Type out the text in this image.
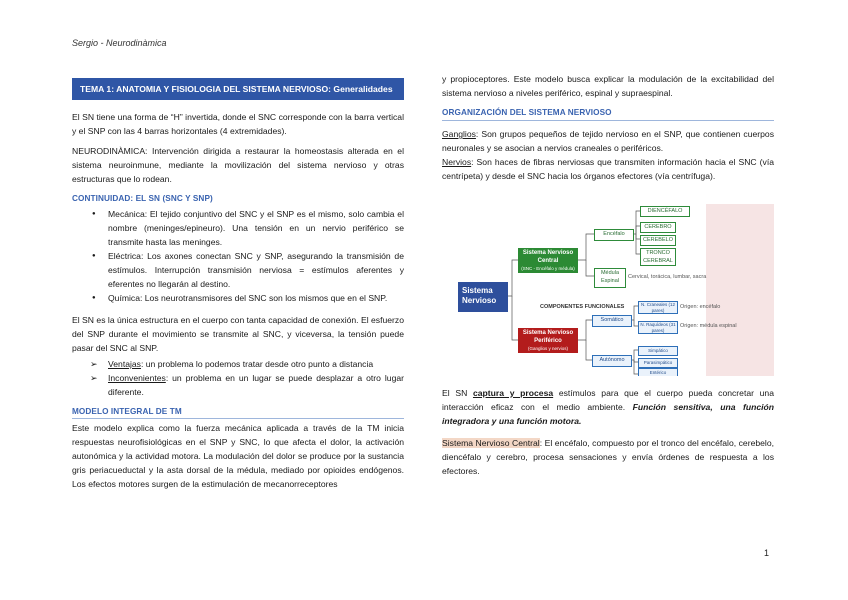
Sergio - Neurodinàmica
TEMA 1: ANATOMIA Y FISIOLOGIA DEL SISTEMA NERVIOSO: Generalidades

El SN tiene una forma de “H” invertida, donde el SNC corresponde con la barra vertical y el SNP con las 4 barras horizontales (4 extremidades).

NEURODINÀMICA: Intervención dirigida a restaurar la homeostasis alterada en el sistema neuroinmune, mediante la movilización del sistema nervioso y otras estructuras que lo rodean.

CONTINUIDAD: EL SN (SNC Y SNP)
● Mecánica: El tejido conjuntivo del SNC y el SNP es el mismo, solo cambia el nombre (meninges/epineuro). Una tensión en un nervio periférico se transmite hasta las meninges.
● Eléctrica: Los axones conectan SNC y SNP, asegurando la transmisión de estímulos. Interrupción transmisión nerviosa = estímulos aferentes y eferentes no llegarán al destino.
● Química: Los neurotransmisores del SNC son los mismos que en el SNP.

El SN es la única estructura en el cuerpo con tanta capacidad de conexión. El esfuerzo del SNP durante el movimiento se transmite al SNC, y viceversa, la tensión puede pasar del SNC al SNP.

➢ Ventajas: un problema lo podemos tratar desde otro punto a distancia
➢ Inconvenientes: un problema en un lugar se puede desplazar a otro lugar diferente.
MODELO INTEGRAL DE TM

Este modelo explica como la fuerza mecánica aplicada a través de la TM inicia respuestas neurofisiológicas en el SNP y SNC, lo que afecta el dolor, la activación autonómica y la actividad motora. La modulación del dolor se produce por la sustancia gris periacueductal y la asta dorsal de la médula, mediado por opioides endógenos. Los efectos motores surgen de la estimulación de mecanorreceptores

y propioceptores. Este modelo busca explicar la modulación de la excitabilidad del sistema nervioso a niveles periférico, espinal y supraespinal.

ORGANIZACIÓN DEL SISTEMA NERVIOSO

Ganglios: Son grupos pequeños de tejido nervioso en el SNP, que contienen cuerpos neuronales y se asocian a nervios craneales o periféricos.

Nervios: Son haces de fibras nerviosas que transmiten información hacia el SNC (vía centrípeta) y desde el SNC hacia los órganos efectores (vía centrífuga).

Sistema Nervioso
Sistema Nervioso Central
(SNC - Encéfalo y médula)
Sistema Nervioso Periférico
(Ganglios y nervios)
Encéfalo
Médula Espinal
DIENCÉFALO
CEREBRO
CEREBELO
TRONCO CEREBRAL
Cervical, torácica, lumbar, sacra
COMPONENTES FUNCIONALES
Somático
Autónomo
N. Craneales (12 pares)
N. Raquídeos (31 pares)
Origen: encéfalo
Origen: médula espinal
Simpático
Parasimpático
Entérico

El SN captura y procesa estímulos para que el cuerpo pueda concretar una interacción eficaz con el medio ambiente. Función sensitiva, una función integradora y una función motora.

Sistema Nervioso Central: El encéfalo, compuesto por el tronco del encéfalo, cerebelo, diencéfalo y cerebro, procesa sensaciones y envía órdenes de respuesta a los efectores.

1
